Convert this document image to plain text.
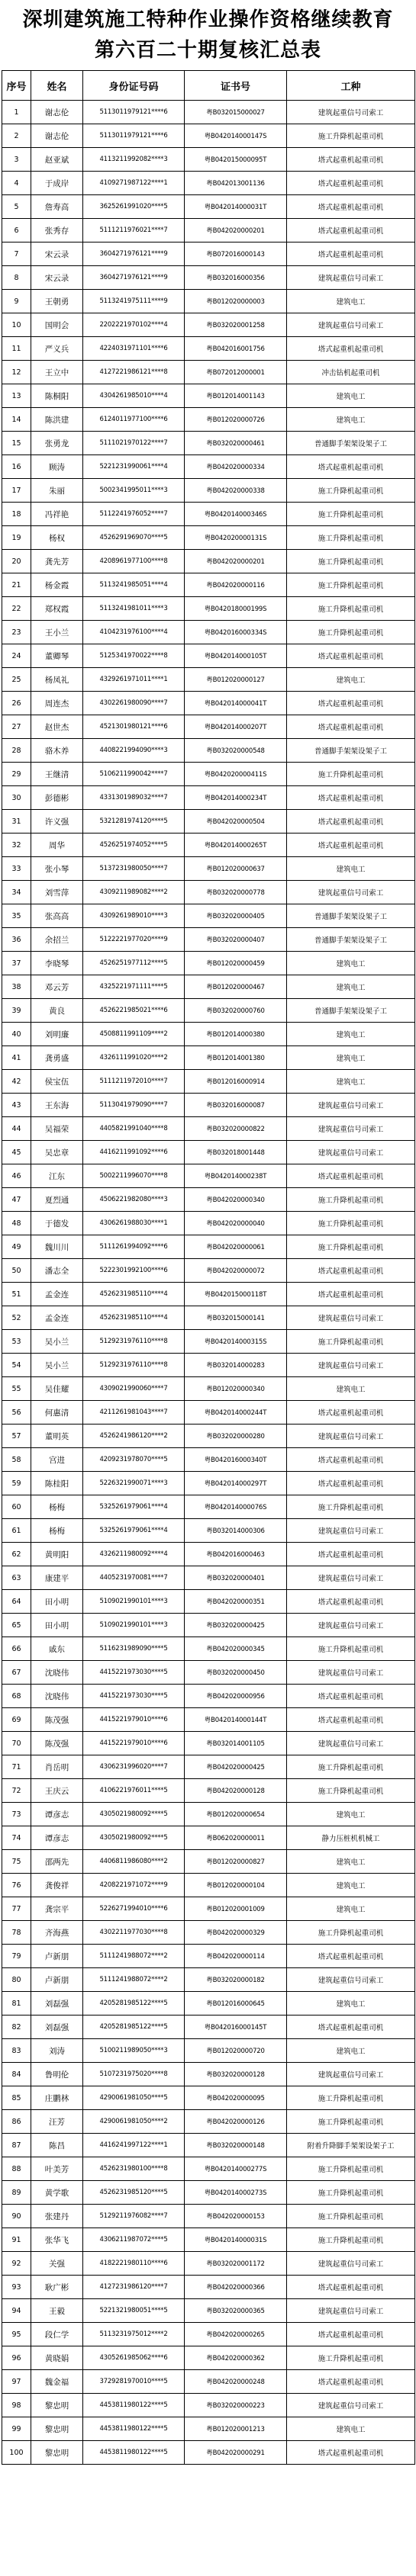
深圳建筑施工特种作业操作资格继续教育
第六百二十期复核汇总表
序号	姓名	身份证号码	证书号	工种
1	谢志伦	5113011979121****6	粤B032015000027	建筑起重信号司索工
2	谢志伦	5113011979121****6	粤B042014000147S	施工升降机起重司机
3	赵亚斌	4113211992082****3	粤B042015000095T	塔式起重机起重司机
4	于成岸	4109271987122****1	粤B042013001136	塔式起重机起重司机
5	詹寿高	3625261991020****5	粤B042014000031T	塔式起重机起重司机
6	张秀存	5111211976021****7	粤B042020000201	塔式起重机起重司机
7	宋云录	3604271976121****9	粤B072016000143	塔式起重机起重司机
8	宋云录	3604271976121****9	粤B032016000356	建筑起重信号司索工
9	王朝勇	5113241975111****9	粤B012020000003	建筑电工
10	国明会	2202221970102****4	粤B032020001258	建筑起重信号司索工
11	严义兵	4224031971101****6	粤B042016001756	塔式起重机起重司机
12	王立中	4127221986121****8	粤B072012000001	冲击钻机起重司机
13	陈桐阳	4304261985010****4	粤B012014001143	建筑电工
14	陈洪建	6124011977100****6	粤B012020000726	建筑电工
15	张勇龙	5111021970122****7	粤B032020000461	普通脚手架架设架子工
16	顾涛	5221231990061****4	粤B042020000334	塔式起重机起重司机
17	朱丽	5002341995011****3	粤B042020000338	施工升降机起重司机
18	冯祥艳	5112241976052****7	粤B042014000346S	施工升降机起重司机
19	杨权	4526291969070****5	粤B042020000131S	施工升降机起重司机
20	龚先芳	4208961977100****8	粤B042020000201	施工升降机起重司机
21	杨金霞	5113241985051****4	粤B042020000116	施工升降机起重司机
22	郑权霞	5113241981011****3	粤B042018000199S	施工升降机起重司机
23	王小兰	4104231976100****4	粤B042016000334S	施工升降机起重司机
24	董卿琴	5125341970022****8	粤B042014000105T	塔式起重机起重司机
25	杨凤礼	4329261971011****1	粤B012020000127	建筑电工
26	周连杰	4302261980090****7	粤B042014000041T	塔式起重机起重司机
27	赵世杰	4521301980121****6	粤B042014000207T	塔式起重机起重司机
28	骆木养	4408221994090****3	粤B032020000548	普通脚手架架设架子工
29	王继清	5106211990042****7	粤B042020000411S	施工升降机起重司机
30	彭德彬	4331301989032****7	粤B042014000234T	塔式起重机起重司机
31	许义强	5321281974120****5	粤B042020000504	塔式起重机起重司机
32	周华	4526251974052****5	粤B042014000265T	塔式起重机起重司机
33	张小琴	5137231980050****7	粤B012020000637	建筑电工
34	刘雪萍	4309211989082****2	粤B032020000778	建筑起重信号司索工
35	张高高	4309261989010****3	粤B032020000405	普通脚手架架设架子工
36	余招兰	5122221977020****9	粤B032020000407	普通脚手架架设架子工
37	李晓琴	4526251977112****5	粤B012020000459	建筑电工
38	邓云芳	4325221971111****5	粤B012020000467	建筑电工
39	黄良	4526221985021****6	粤B032020000760	普通脚手架架设架子工
40	刘明廉	4508811991109****2	粤B012014000380	建筑电工
41	龚勇盛	4326111991020****2	粤B012014001380	建筑电工
42	侯宝伍	5111211972010****7	粤B012016000914	建筑电工
43	王东海	5113041979090****7	粤B032016000087	建筑起重信号司索工
44	吴福荣	4405821991040****8	粤B032020000822	建筑起重信号司索工
45	吴忠章	4416211991092****6	粤B032018001448	建筑起重信号司索工
46	江东	5002211996070****8	粤B042014000238T	塔式起重机起重司机
47	夏烈通	4506221982080****3	粤B042020000340	施工升降机起重司机
48	于德发	4306261988030****1	粤B042020000040	施工升降机起重司机
49	魏川川	5111261994092****6	粤B042020000061	施工升降机起重司机
50	潘志全	5222301992100****6	粤B042020000072	塔式起重机起重司机
51	孟金连	4526231985110****4	粤B042015000118T	塔式起重机起重司机
52	孟金连	4526231985110****4	粤B032015000141	建筑起重信号司索工
53	吴小兰	5129231976110****8	粤B042014000315S	施工升降机起重司机
54	吴小兰	5129231976110****8	粤B032014000283	建筑起重信号司索工
55	吴佳耀	4309021990060****7	粤B012020000340	建筑电工
56	何惠清	4211261981043****7	粤B042014000244T	塔式起重机起重司机
57	董明英	4526241986120****2	粤B032020000280	建筑起重信号司索工
58	宫进	4209231978070****5	粤B042016000340T	塔式起重机起重司机
59	陈桂阳	5226321990071****3	粤B042014000297T	塔式起重机起重司机
60	杨梅	5325261979061****4	粤B042014000076S	施工升降机起重司机
61	杨梅	5325261979061****4	粤B032014000306	建筑起重信号司索工
62	黄明阳	4326211980092****4	粤B042016000463	塔式起重机起重司机
63	康建平	4405231970081****7	粤B032020000401	建筑起重信号司索工
64	田小明	5109021990101****3	粤B042020000351	塔式起重机起重司机
65	田小明	5109021990101****3	粤B032020000425	建筑起重信号司索工
66	戚东	5116231989090****5	粤B042020000345	施工升降机起重司机
67	沈晓伟	4415221973030****5	粤B032020000450	建筑起重信号司索工
68	沈晓伟	4415221973030****5	粤B042020000956	塔式起重机起重司机
69	陈茂强	4415221979010****6	粤B042014000144T	塔式起重机起重司机
70	陈茂强	4415221979010****6	粤B032014001105	建筑起重信号司索工
71	肖岳明	4306231996020****7	粤B042020000425	施工升降机起重司机
72	王庆云	4106221976011****5	粤B042020000128	施工升降机起重司机
73	谭彦志	4305021980092****5	粤B012020000654	建筑电工
74	谭彦志	4305021980092****5	粤B062020000011	静力压桩机机械工
75	邵两先	4406811986080****2	粤B012020000827	建筑电工
76	龚俊祥	4208221971072****9	粤B012020000104	建筑电工
77	龚宗平	5226271994010****6	粤B012020001009	建筑电工
78	齐海燕	4302211977030****8	粤B042020000329	施工升降机起重司机
79	卢新朋	5111241988072****2	粤B042020000114	塔式起重机起重司机
80	卢新朋	5111241988072****2	粤B032020000182	建筑起重信号司索工
81	刘磊强	4205281985122****5	粤B012016000645	建筑电工
82	刘磊强	4205281985122****5	粤B042016000145T	塔式起重机起重司机
83	刘涛	5100211989050****3	粤B012020000720	建筑电工
84	鲁明伦	5107231975020****8	粤B032020000128	建筑起重信号司索工
85	庄鹏林	4290061981050****5	粤B042020000095	施工升降机起重司机
86	汪芳	4290061981050****2	粤B042020000126	施工升降机起重司机
87	陈昌	4416241997122****1	粤B032020000148	附着升降脚手架架设架子工
88	叶美芳	4526231980100****8	粤B042014000277S	施工升降机起重司机
89	黄学歌	4526231985120****5	粤B042014000273S	施工升降机起重司机
90	张建丹	5129211976082****7	粤B042020000153	施工升降机起重司机
91	张华飞	4306211987072****5	粤B042014000031S	施工升降机起重司机
92	关强	4182221980110****6	粤B032020001172	建筑起重信号司索工
93	耿广彬	4127231986120****7	粤B042020000366	塔式起重机起重司机
94	王毅	5221321980051****5	粤B032020000365	建筑起重信号司索工
95	段仁学	5113231975012****2	粤B042020000265	塔式起重机起重司机
96	黄晓娟	4305261985062****6	粤B042020000362	施工升降机起重司机
97	魏金福	3729281970010****5	粤B042020000248	塔式起重机起重司机
98	黎忠明	4453811980122****5	粤B032020000223	建筑起重信号司索工
99	黎忠明	4453811980122****5	粤B012020001213	建筑电工
100	黎忠明	4453811980122****5	粤B042020000291	塔式起重机起重司机
